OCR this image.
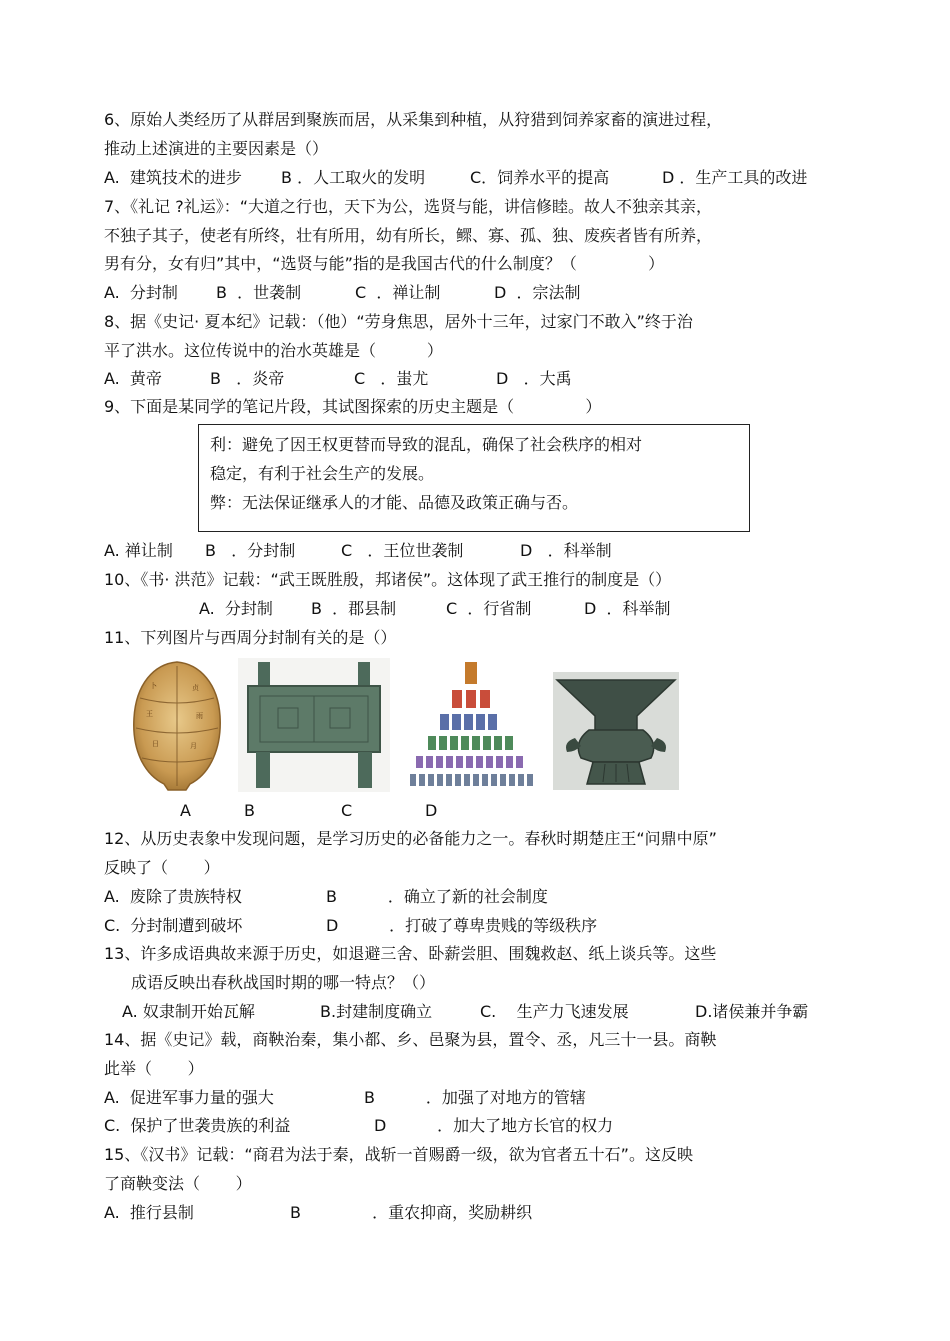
6、原始人类经历了从群居到聚族而居，从采集到种植，从狩猎到饲养家畜的演进过程，
推动上述演进的主要因素是（）
A.  建筑技术的进步 B ．人工取火的发明	C．饲养水平的提高	D ．生产工具的改进
7、《礼记 ?礼运》：“大道之行也，天下为公，选贤与能，讲信修睦。故人不独亲其亲，
不独子其子，使老有所终，壮有所用，幼有所长，鳏、寡、孤、独、废疾者皆有所养，
男有分，女有归”其中，“选贤与能”指的是我国古代的什么制度？（              ）
A.  分封制 B  ．世袭制	C  ．禅让制	D  ．宗法制
8、据《史记· 夏本纪》记载：（他）“劳身焦思，居外十三年，过家门不敢入”终于治
平了洪水。这位传说中的治水英雄是（          ）
A.  黄帝	B   ．炎帝	C   ．蚩尤	D   ．大禹
9、下面是某同学的笔记片段，其试图探索的历史主题是（              ）
利：避免了因王权更替而导致的混乱，确保了社会秩序的相对
稳定，有利于社会生产的发展。
弊：无法保证继承人的才能、品德及政策正确与否。
A. 禅让制 B   ．分封制	C   ．王位世袭制	D   ．科举制
10、《书· 洪范》记载：“武王既胜殷，邦诸侯”。这体现了武王推行的制度是（）
A.  分封制 B  ．郡县制	C  ．行省制	D  ．科举制
11、下列图片与西周分封制有关的是（）
卜	贞
王	雨
日	月
A	B	C	D
12、从历史表象中发现问题，是学习历史的必备能力之一。春秋时期楚庄王“问鼎中原”
反映了（       ）
A.  废除了贵族特权	B          ．确立了新的社会制度
C.  分封制遭到破坏	D          ．打破了尊卑贵贱的等级秩序
13、许多成语典故来源于历史，如退避三舍、卧薪尝胆、围魏救赵、纸上谈兵等。这些
成语反映出春秋战国时期的哪一特点？（）
A. 奴隶制开始瓦解	B.封建制度确立	C.    生产力飞速发展	D.诸侯兼并争霸
14、据《史记》载，商鞅治秦，集小都、乡、邑聚为县，置令、丞，凡三十一县。商鞅
此举（       ）
A.  促进军事力量的强大	B          ．加强了对地方的管辖
C.  保护了世袭贵族的利益	D          ．加大了地方长官的权力
15、《汉书》记载：“商君为法于秦，战斩一首赐爵一级，欲为官者五十石”。这反映
了商鞅变法（       ）
A.  推行县制	B              ．重农抑商，奖励耕织
